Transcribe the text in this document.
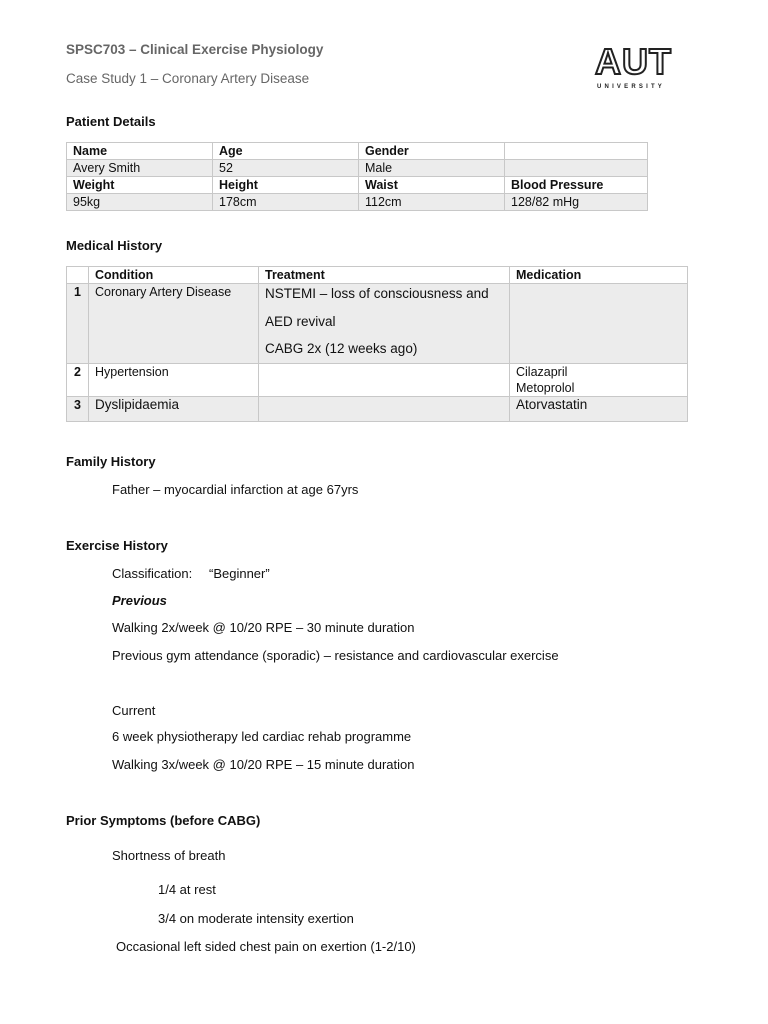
SPSC703 – Clinical Exercise Physiology
Case Study 1 – Coronary Artery Disease	AUT
UNIVERSITY
Patient Details
Name	Age	Gender	
Avery Smith	52	Male	
Weight	Height	Waist	Blood Pressure
95kg	178cm	112cm	128/82 mHg
Medical History
	Condition	Treatment	Medication
1	Coronary Artery Disease	NSTEMI – loss of consciousness and
AED revival
CABG 2x (12 weeks ago)	

2	Hypertension		Cilazapril
Metoprolol

3	Dyslipidaemia		Atorvastatin
Family History
Father – myocardial infarction at age 67yrs
Exercise History
Classification: “Beginner”
Previous
Walking 2x/week @ 10/20 RPE – 30 minute duration
Previous gym attendance (sporadic) – resistance and cardiovascular exercise
Current
6 week physiotherapy led cardiac rehab programme
Walking 3x/week @ 10/20 RPE – 15 minute duration
Prior Symptoms (before CABG)
Shortness of breath
1/4 at rest
3/4 on moderate intensity exertion
Occasional left sided chest pain on exertion (1-2/10)
